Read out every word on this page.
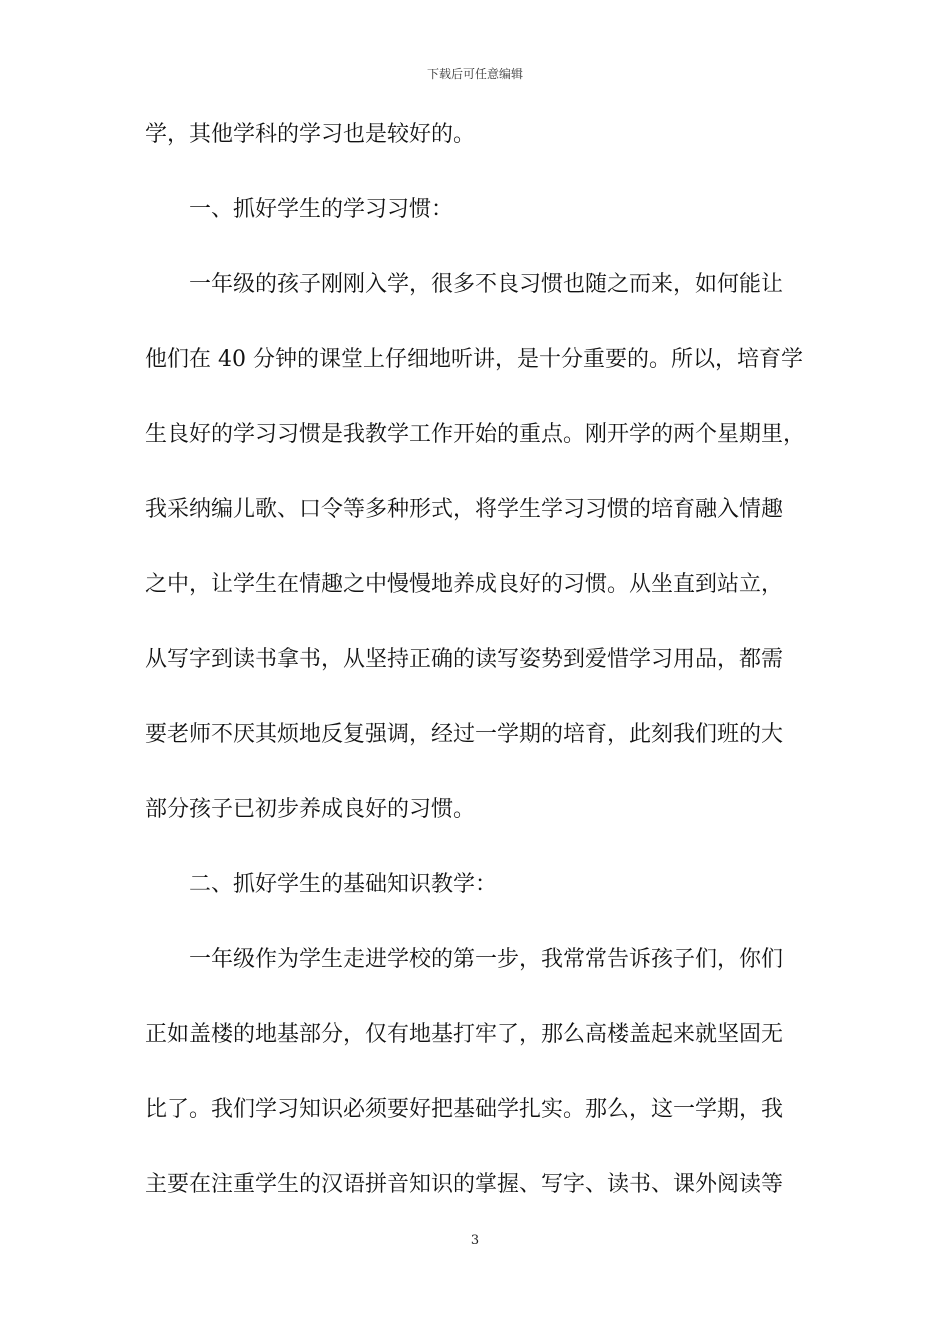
下载后可任意编辑
学，其他学科的学习也是较好的。
　　一、抓好学生的学习习惯：
　　一年级的孩子刚刚入学，很多不良习惯也随之而来，如何能让
他们在 40 分钟的课堂上仔细地听讲，是十分重要的。所以，培育学
生良好的学习习惯是我教学工作开始的重点。刚开学的两个星期里，
我采纳编儿歌、口令等多种形式，将学生学习习惯的培育融入情趣
之中，让学生在情趣之中慢慢地养成良好的习惯。从坐直到站立，
从写字到读书拿书，从坚持正确的读写姿势到爱惜学习用品，都需
要老师不厌其烦地反复强调，经过一学期的培育，此刻我们班的大
部分孩子已初步养成良好的习惯。
　　二、抓好学生的基础知识教学：
　　一年级作为学生走进学校的第一步，我常常告诉孩子们，你们
正如盖楼的地基部分，仅有地基打牢了，那么高楼盖起来就坚固无
比了。我们学习知识必须要好把基础学扎实。那么，这一学期，我
主要在注重学生的汉语拼音知识的掌握、写字、读书、课外阅读等
3
